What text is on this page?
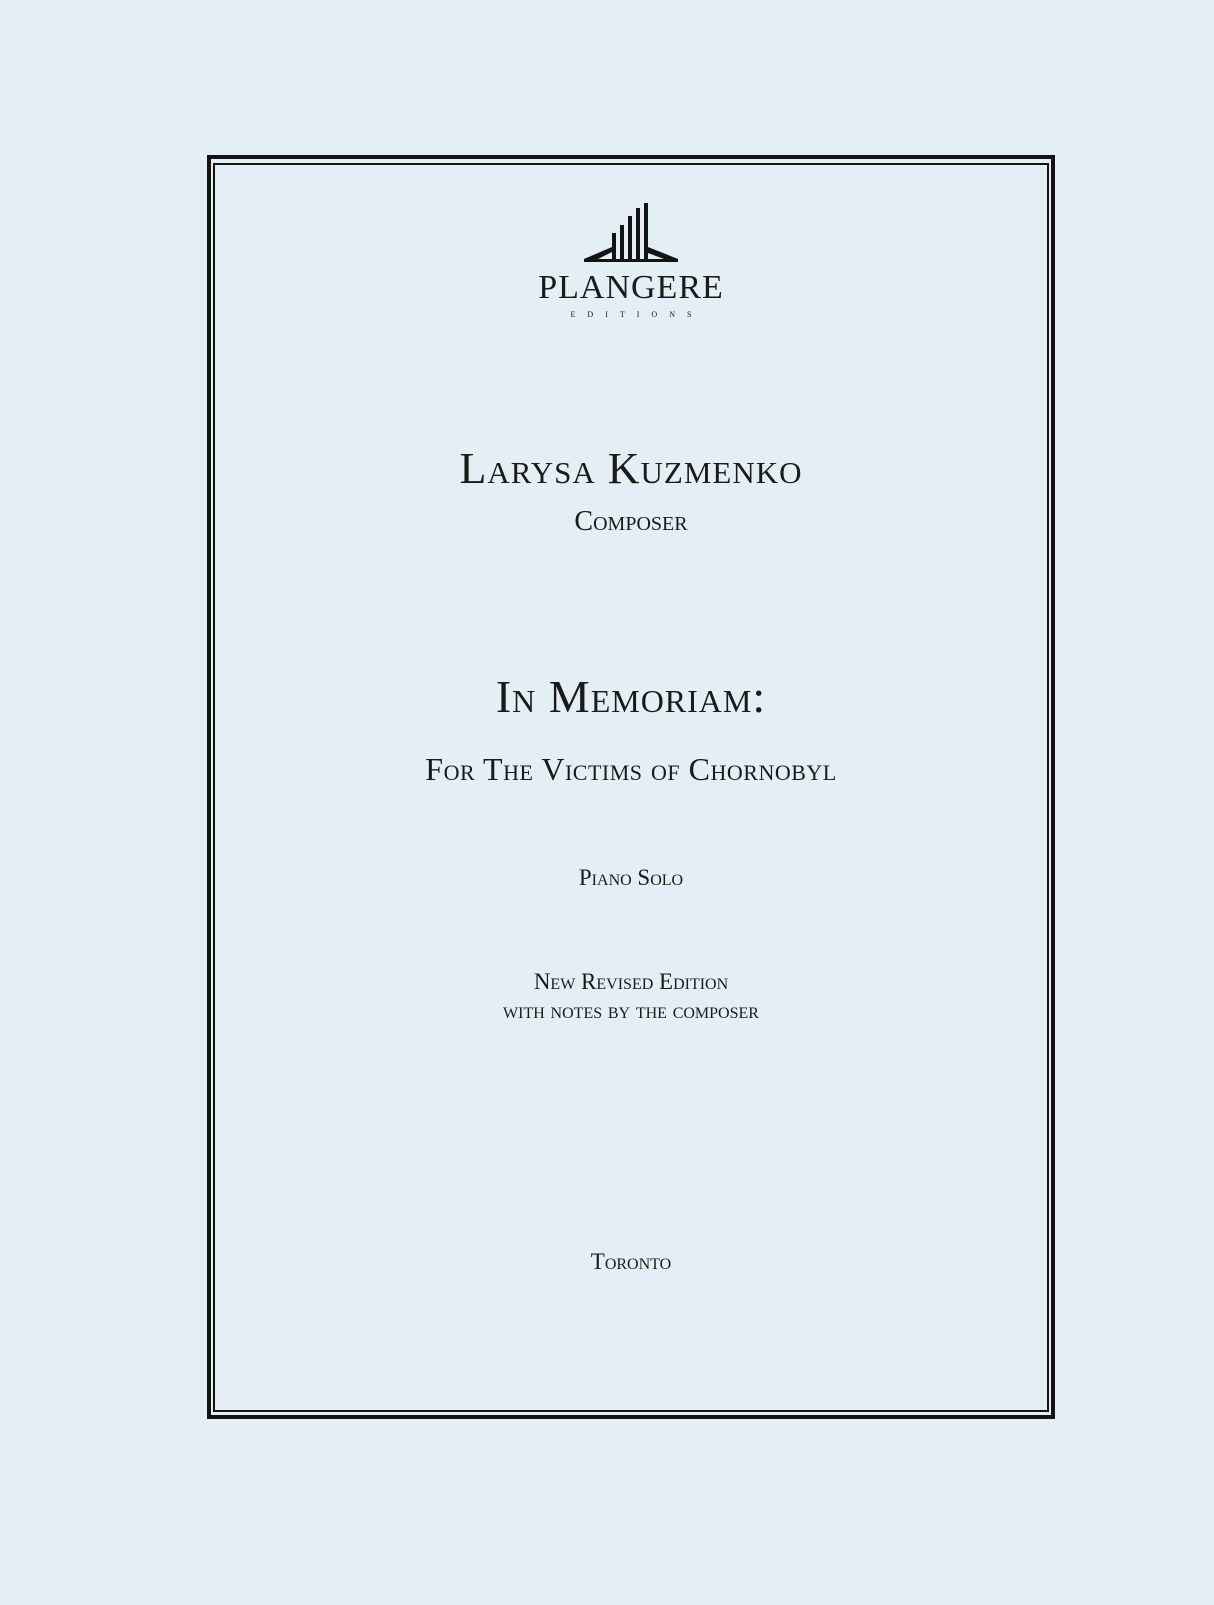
PLANGERE
EDITIONS
Larysa Kuzmenko
Composer
In Memoriam:
For The Victims of Chornobyl
Piano Solo
New Revised Edition
with notes by the composer
Toronto
